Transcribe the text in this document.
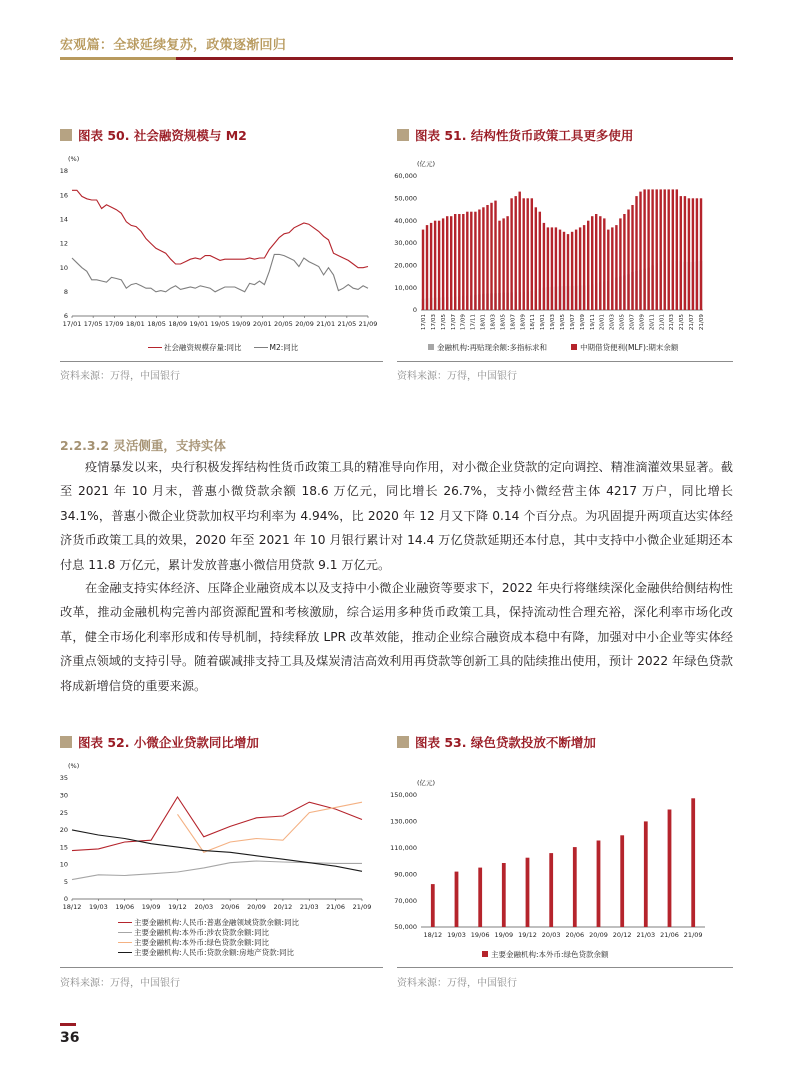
宏观篇：全球延续复苏，政策逐渐回归
图表 50. 社会融资规模与 M2
6
8
10
12
14
16
18
(%)
17/01 17/05 17/09 18/01 18/05 18/09 19/01 19/05 19/09 20/01 20/05 20/09 21/01 21/05 21/09
社会融资规模存量:同比	M2:同比
资料来源：万得，中国银行
图表 51. 结构性货币政策工具更多使用
0
10,000
20,000
30,000
40,000
50,000
60,000
(亿元)
17/01 17/03 17/05 17/07 17/09 17/11 18/01 18/03 18/05 18/07 18/09 18/11 19/01 19/03 19/05 19/07 19/09 19/11 20/01 20/03 20/05 20/07 20/09 20/11 21/01 21/03 21/05 21/07 21/09
金融机构:再贴现余额:多指标求和	中期借贷便利(MLF):期末余额
资料来源：万得，中国银行
2.2.3.2 灵活侧重，支持实体

疫情暴发以来，央行积极发挥结构性货币政策工具的精准导向作用，对小微企业贷款的定向调控、精准滴灌效果显著。截至 2021 年 10 月末，普惠小微贷款余额 18.6 万亿元，同比增长 26.7%，支持小微经营主体 4217 万户，同比增长 34.1%，普惠小微企业贷款加权平均利率为 4.94%，比 2020 年 12 月又下降 0.14 个百分点。为巩固提升两项直达实体经济货币政策工具的效果，2020 年至 2021 年 10 月银行累计对 14.4 万亿贷款延期还本付息，其中支持中小微企业延期还本付息 11.8 万亿元，累计发放普惠小微信用贷款 9.1 万亿元。

在金融支持实体经济、压降企业融资成本以及支持中小微企业融资等要求下，2022 年央行将继续深化金融供给侧结构性改革，推动金融机构完善内部资源配置和考核激励，综合运用多种货币政策工具，保持流动性合理充裕，深化利率市场化改革，健全市场化利率形成和传导机制，持续释放 LPR 改革效能，推动企业综合融资成本稳中有降，加强对中小企业等实体经济重点领域的支持引导。随着碳减排支持工具及煤炭清洁高效利用再贷款等创新工具的陆续推出使用，预计 2022 年绿色贷款将成新增信贷的重要来源。

图表 52. 小微企业贷款同比增加
0
5
10
15
20
25
30
35
(%)
18/12 19/03 19/06 19/09 19/12 20/03 20/06 20/09 20/12 21/03 21/06 21/09
主要金融机构:人民币:普惠金融领域贷款余额:同比
主要金融机构:本外币:涉农贷款余额:同比
主要金融机构:本外币:绿色贷款余额:同比
主要金融机构:人民币:贷款余额:房地产贷款:同比
资料来源：万得，中国银行
图表 53. 绿色贷款投放不断增加
50,000
70,000
90,000
110,000
130,000
150,000
(亿元)
18/12 19/03 19/06 19/09 19/12 20/03 20/06 20/09 20/12 21/03 21/06 21/09
主要金融机构:本外币:绿色贷款余额
资料来源：万得，中国银行
36
